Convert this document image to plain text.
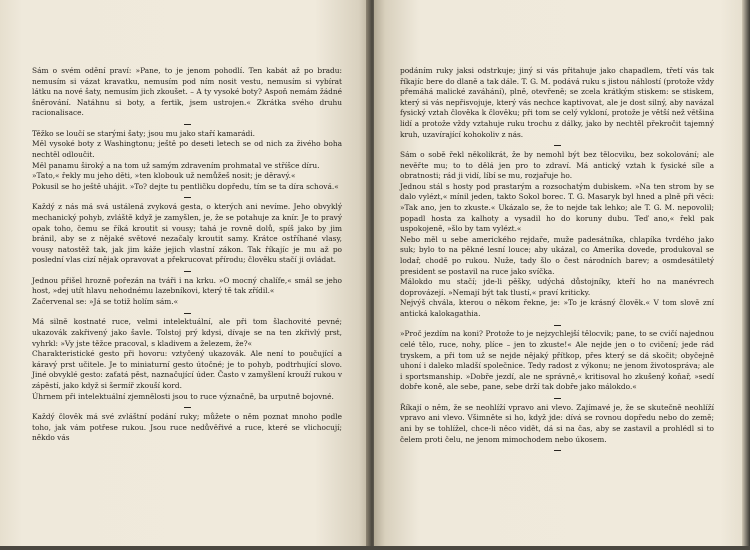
Sám o svém odění praví: »Pane, to je jenom pohodlí. Ten kabát až po bradu: nemusím si vázat kravatku, nemusím pod ním nosit vestu, nemusím si vybírat látku na nové šaty, nemusím jich zkoušet. – A ty vysoké boty? Aspoň nemám žádné šněrování. Natáhnu si boty, a fertik, jsem ustrojen.« Zkrátka svého druhu racionalisace.

Těžko se loučí se starými šaty; jsou mu jako staří kamarádi.

Měl vysoké boty z Washingtonu; ještě po deseti letech se od nich za živého boha nechtěl odloučit.

Měl panamu široký a na tom už samým zdravením prohmatal ve stříšce díru.

»Tato,« řekly mu jeho děti, »ten klobouk už nemůžeš nosit; je děravý.«

Pokusil se ho ještě uhájit. »To? dejte tu pentličku dopředu, tím se ta díra schová.«

Každý z nás má svá ustálená zvyková gesta, o kterých ani nevíme. Jeho obvyklý mechanický pohyb, zvláště když je zamyšlen, je, že se potahuje za knír. Je to pravý opak toho, čemu se říká kroutit si vousy; tahá je rovně dolů, spíš jako by jim bránil, aby se z nějaké světové nezačaly kroutit samy. Krátce ostříhané vlasy, vousy natostěž tak, jak jim káže jejich vlastní zákon. Tak říkajíc je mu až po poslední vlas cizí nějak opravovat a překrucovat přírodu; člověku stačí ji ovládat.

Jednou přišel hrozně pořezán na tváři i na krku. »O mocný chalífe,« smál se jeho host, »dej utít hlavu nehodnému lazebníkovi, který tě tak zřídil.«

Začervenal se: »Já se totiž holím sám.«

Má silně kostnaté ruce, velmi intelektuální, ale při tom šlachovité pevné; ukazovák zakřivený jako šavle. Tolstoj prý kdysi, dívaje se na ten zkřivlý prst, vyhrkl: »Vy jste těžce pracoval, s kladivem a železem, že?«

Charakteristické gesto při hovoru: vztyčený ukazovák. Ale není to poučující a káravý prst učitele. Je to miniaturní gesto útočné; je to pohyb, podtrhující slovo. Jiné obvyklé gesto: zaťatá pěst, naznačující úder. Často v zamyšlení krouží rukou v zápěstí, jako když si šermíř zkouší kord.

Úhrnem při intelektuální zjemnělosti jsou to ruce význačně, ba urputně bojovné.

Každý člověk má své zvláštní podání ruky; můžete o něm poznat mnoho podle toho, jak vám potřese rukou. Jsou ruce nedůvěřivé a ruce, které se vlichocují; někdo vás

podáním ruky jaksi odstrkuje; jiný si vás přitahuje jako chapadlem, třetí vás tak říkajíc bere do dlaně a tak dále. T. G. M. podává ruku s jistou náhlostí (protože vždy přemáhá malické zaváhání), plně, otevřeně; se zcela krátkým stiskem: se stiskem, který si vás nepřisvojuje, který vás nechce kaptivovat, ale je dost silný, aby navázal fysický vztah člověka k člověku; při tom se celý vykloní, protože je větší než většina lidí a protože vždy vztahuje ruku trochu z dálky, jako by nechtěl překročit tajemný kruh, uzavírající kohokoliv z nás.

Sám o sobě řekl několikrát, že by nemohl být bez tělocviku, bez sokolování; ale nevěřte mu; to to dělá jen pro to zdraví. Má antický vztah k fysické síle a obratnosti; rád ji vidí, líbí se mu, rozjařuje ho.

Jednou stál s hosty pod prastarým a rozsochatým dubiskem. »Na ten strom by se dalo vylézt,« mínil jeden, takto Sokol borec. T. G. Masaryk byl hned a plně při věci: »Tak ano, jen to zkuste.« Ukázalo se, že to nejde tak lehko; ale T. G. M. nepovolil; popadl hosta za kalhoty a vysadil ho do koruny dubu. Teď ano,« řekl pak uspokojeně, »šlo by tam vylézt.«

Nebo měl u sebe amerického rejdaře, muže padesátníka, chlapíka tvrdého jako suk; bylo to na pěkné lesní louce; aby ukázal, co Amerika dovede, produkoval se lodař, chodě po rukou. Nuže, tady šlo o čest národních barev; a osmdesátiletý president se postavil na ruce jako svíčka.

Málokdo mu stačí; jde-li pěšky, udýchá důstojníky, kteří ho na manévrech doprovázejí. »Nemají být tak tlustí,« praví kriticky.

Nejvýš chvála, kterou o někom řekne, je: »To je krásný člověk.« V tom slově zní antická kalokagathia.

»Proč jezdím na koni? Protože to je nejzychlejší tělocvik; pane, to se cvičí najednou celé tělo, ruce, nohy, plíce – jen to zkuste!« Ale nejde jen o to cvičení; jede rád tryskem, a při tom už se nejde nějaký přítkop, přes který se dá skočit; obyčejně uhoní i daleko mladší společnice. Tedy radost z výkonu; ne jenom životospráva; ale i sportsmanship. »Dobře jezdí, ale ne správně,« kritisoval ho zkušený koňař, »sedí dobře koně, ale sebe, pane, sebe drží tak dobře jako málokdo.«

Říkají o něm, že se neohlíží vpravo ani vlevo. Zajímavé je, že se skutečně neohlíží vpravo ani vlevo. Všimněte si ho, když jde: dívá se rovnou dopředu nebo do země; ani by se tohlížel, chce-li něco vidět, dá si na čas, aby se zastavil a prohlédl si to čelem proti čelu, ne jenom mimochodem nebo úkosem.
